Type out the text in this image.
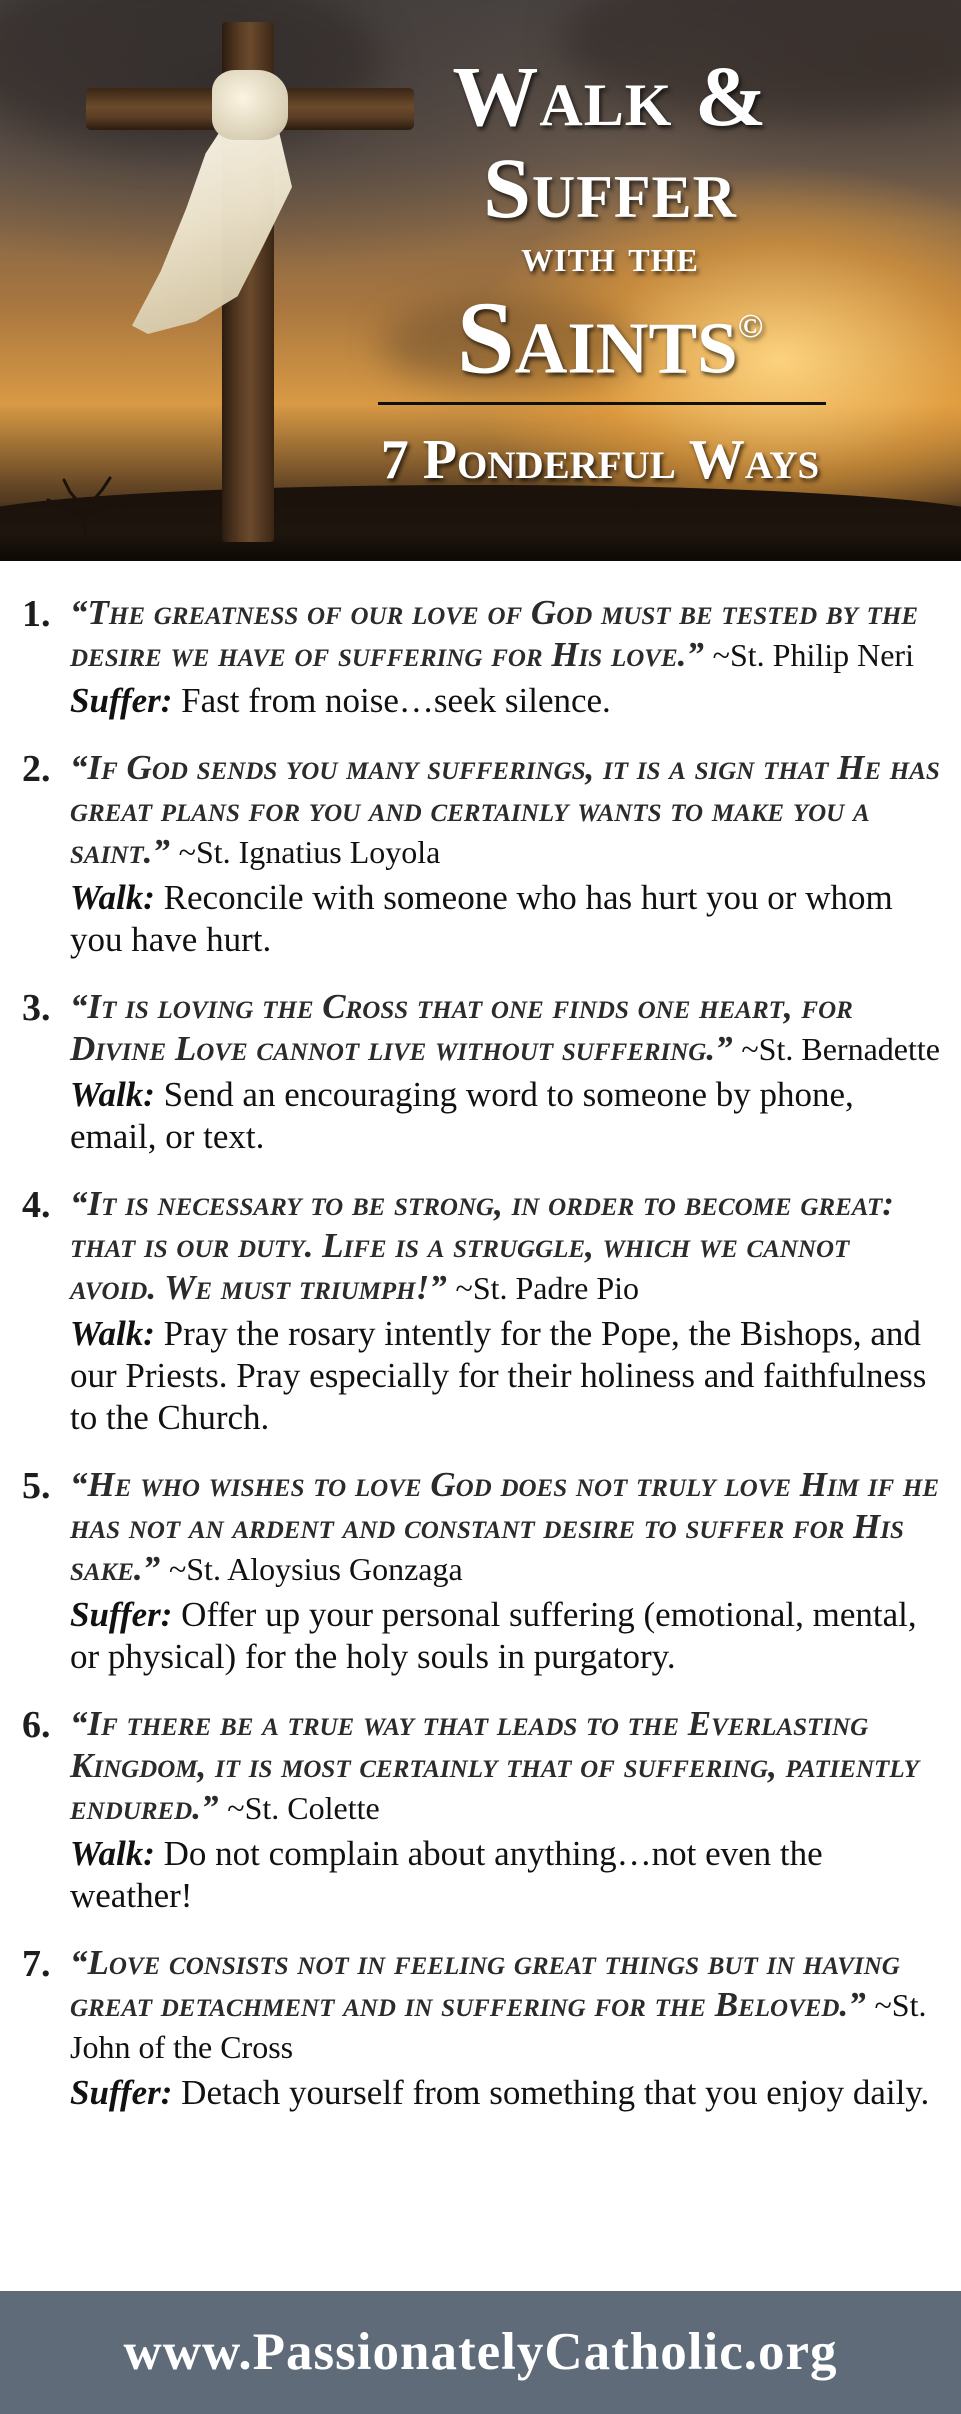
Walk &
Suffer
with the
Saints©
7 Ponderful Ways
1. “The greatness of our love of God must be tested by the desire we have of suffering for His love.” ~St. Philip Neri
Suffer: Fast from noise…seek silence.
2. “If God sends you many sufferings, it is a sign that He has great plans for you and certainly wants to make you a saint.” ~St. Ignatius Loyola
Walk: Reconcile with someone who has hurt you or whom you have hurt.
3. “It is loving the Cross that one finds one heart, for Divine Love cannot live without suffering.” ~St. Bernadette
Walk: Send an encouraging word to someone by phone, email, or text.
4. “It is necessary to be strong, in order to become great: that is our duty. Life is a struggle, which we cannot avoid. We must triumph!” ~St. Padre Pio
Walk: Pray the rosary intently for the Pope, the Bishops, and our Priests. Pray especially for their holiness and faithfulness to the Church.
5. “He who wishes to love God does not truly love Him if he has not an ardent and constant desire to suffer for His sake.” ~St. Aloysius Gonzaga
Suffer: Offer up your personal suffering (emotional, mental, or physical) for the holy souls in purgatory.
6. “If there be a true way that leads to the Everlasting Kingdom, it is most certainly that of suffering, patiently endured.” ~St. Colette
Walk: Do not complain about anything…not even the weather!
7. “Love consists not in feeling great things but in having great detachment and in suffering for the Beloved.” ~St. John of the Cross
Suffer: Detach yourself from something that you enjoy daily.
www.PassionatelyCatholic.org
